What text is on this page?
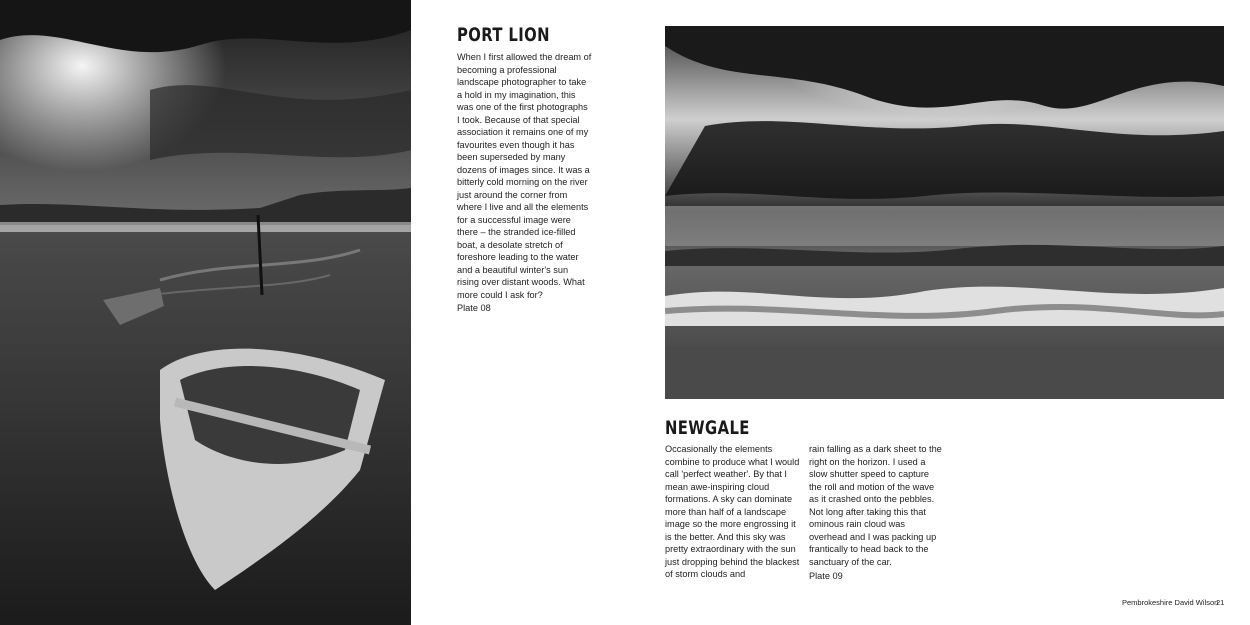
PORT LION

When I first allowed the dream of becoming a professional landscape photographer to take a hold in my imagination, this was one of the first photographs I took. Because of that special association it remains one of my favourites even though it has been superseded by many dozens of images since. It was a bitterly cold morning on the river just around the corner from where I live and all the elements for a successful image were there – the stranded ice-filled boat, a desolate stretch of foreshore leading to the water and a beautiful winter's sun rising over distant woods. What more could I ask for?

Plate 08

NEWGALE

Occasionally the elements combine to produce what I would call 'perfect weather'. By that I mean awe-inspiring cloud formations. A sky can dominate more than half of a landscape image so the more engrossing it is the better. And this sky was pretty extraordinary with the sun just dropping behind the blackest of storm clouds and

rain falling as a dark sheet to the right on the horizon. I used a slow shutter speed to capture the roll and motion of the wave as it crashed onto the pebbles. Not long after taking this that ominous rain cloud was overhead and I was packing up frantically to head back to the sanctuary of the car.

Plate 09

Pembrokeshire David Wilson
21
